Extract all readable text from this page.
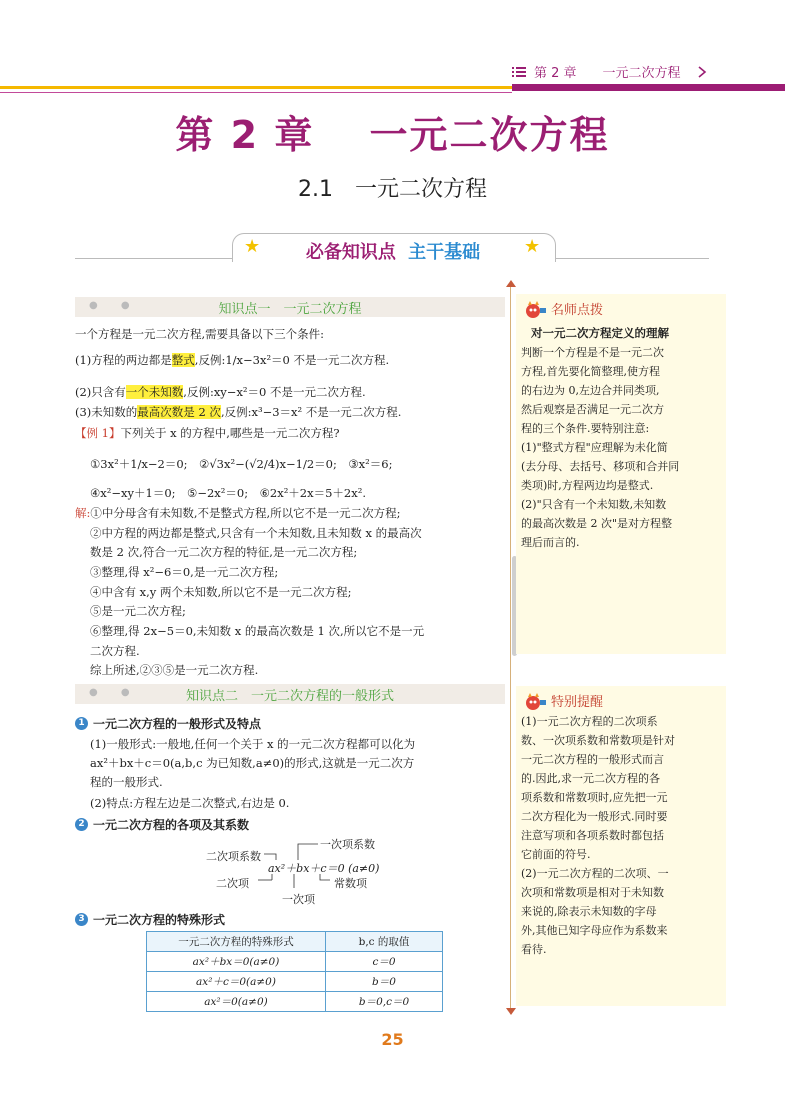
第 2 章 一元二次方程
第 2 章　 一元二次方程
2.1　一元二次方程
★	★
必备知识点 主干基础
● ●	知识点一　一元二次方程
一个方程是一元二次方程,需要具备以下三个条件:
(1)方程的两边都是整式,反例:1/x−3x²＝0 不是一元二次方程.
(2)只含有一个未知数,反例:xy−x²＝0 不是一元二次方程.
(3)未知数的最高次数是 2 次,反例:x³−3＝x² 不是一元二次方程.
【例 1】下列关于 x 的方程中,哪些是一元二次方程?
①3x²＋1/x−2＝0;　②√3x²−(√2/4)x−1/2＝0;　③x²＝6;
④x²−xy＋1＝0;　⑤−2x²＝0;　⑥2x²＋2x＝5＋2x².
解:①中分母含有未知数,不是整式方程,所以它不是一元二次方程;
②中方程的两边都是整式,只含有一个未知数,且未知数 x 的最高次
数是 2 次,符合一元二次方程的特征,是一元二次方程;
③整理,得 x²−6＝0,是一元二次方程;
④中含有 x,y 两个未知数,所以它不是一元二次方程;
⑤是一元二次方程;
⑥整理,得 2x−5＝0,未知数 x 的最高次数是 1 次,所以它不是一元
二次方程.
综上所述,②③⑤是一元二次方程.
● ●	知识点二　一元二次方程的一般形式
1 一元二次方程的一般形式及特点
(1)一般形式:一般地,任何一个关于 x 的一元二次方程都可以化为
ax²＋bx＋c＝0(a,b,c 为已知数,a≠0)的形式,这就是一元二次方
程的一般形式.
(2)特点:方程左边是二次整式,右边是 0.
2 一元二次方程的各项及其系数
二次项系数
一次项系数
ax²＋bx＋c＝0 (a≠0)
二次项	常数项
一次项
3 一元二次方程的特殊形式
一元二次方程的特殊形式	b,c 的取值
ax²＋bx＝0(a≠0)	c＝0
ax²＋c＝0(a≠0)	b＝0
ax²＝0(a≠0)	b＝0,c＝0
名师点拨
对一元二次方程定义的理解
判断一个方程是不是一元二次
方程,首先要化简整理,使方程
的右边为 0,左边合并同类项,
然后观察是否满足一元二次方
程的三个条件.要特别注意:
(1)"整式方程"应理解为未化简
(去分母、去括号、移项和合并同
类项)时,方程两边均是整式.
(2)"只含有一个未知数,未知数
的最高次数是 2 次"是对方程整
理后而言的.
特别提醒
(1)一元二次方程的二次项系
数、一次项系数和常数项是针对
一元二次方程的一般形式而言
的.因此,求一元二次方程的各
项系数和常数项时,应先把一元
二次方程化为一般形式.同时要
注意写项和各项系数时都包括
它前面的符号.
(2)一元二次方程的二次项、一
次项和常数项是相对于未知数
来说的,除表示未知数的字母
外,其他已知字母应作为系数来
看待.
25
